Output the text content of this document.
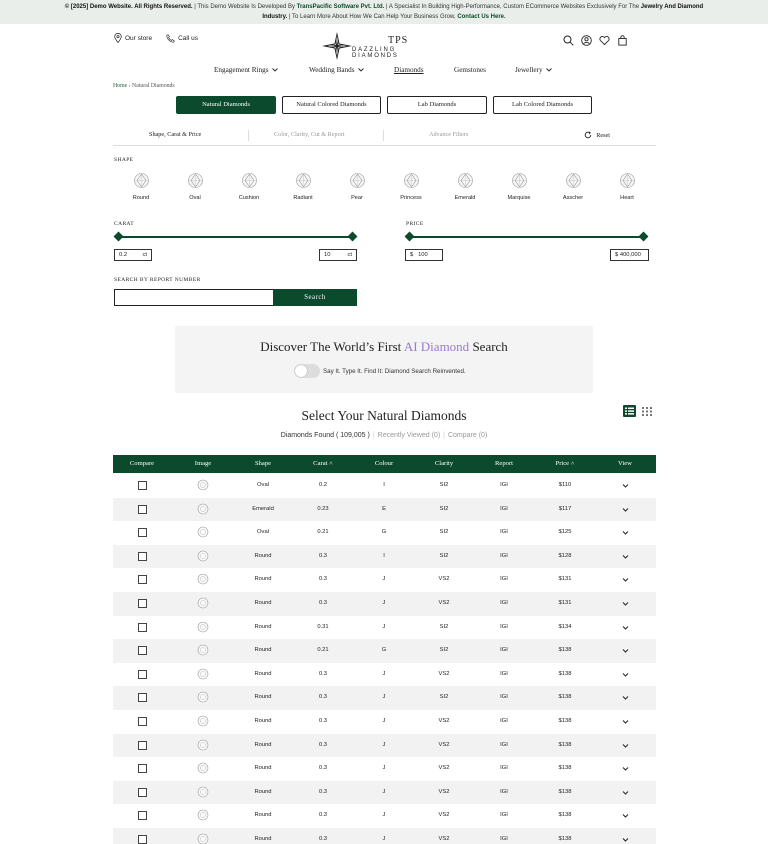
© [2025] Demo Website. All Rights Reserved. | This Demo Website Is Developed By TransPacific Software Pvt. Ltd. | A Specialist In Building High-Performance, Custom ECommerce Websites Exclusively For The Jewelry And Diamond
Industry. | To Learn More About How We Can Help Your Business Grow, Contact Us Here.
Our store	Call us	TPS
DAZZLING DIAMONDS
Engagement Rings	Wedding Bands	Diamonds	Gemstones	Jewellery
Home › Natural Diamonds
Natural Diamonds	Natural Colored Diamonds	Lab Diamonds	Lab Colored Diamonds
Shape, Carat & Price	Color, Clarity, Cut & Report	Advance Filters	Reset
SHAPE
Round	Oval	Cushion	Radiant	Pear	Princess	Emerald	Marquise	Asscher	Heart
CARAT
0.2	ct	10	ct
PRICE
$ 100	$ 400,000
SEARCH BY REPORT NUMBER
Search
Discover The World’s First AI Diamond Search
Say It. Type It. Find It: Diamond Search Reinvented.
Select Your Natural Diamonds
Diamonds Found ( 109,005 ) | Recently Viewed (0) | Compare (0)
Compare	Image	Shape	Carat ˄	Colour	Clarity	Report	Price ˄	View
Oval	0.2	I	SI2	IGI	$110
Emerald	0.23	E	SI2	IGI	$117
Oval	0.21	G	SI2	IGI	$125
Round	0.3	I	SI2	IGI	$128
Round	0.3	J	VS2	IGI	$131
Round	0.3	J	VS2	IGI	$131
Round	0.31	J	SI2	IGI	$134
Round	0.21	G	SI2	IGI	$138
Round	0.3	J	VS2	IGI	$138
Round	0.3	J	SI2	IGI	$138
Round	0.3	J	VS2	IGI	$138
Round	0.3	J	VS2	IGI	$138
Round	0.3	J	VS2	IGI	$138
Round	0.3	J	VS2	IGI	$138
Round	0.3	J	VS2	IGI	$138
Round	0.3	J	VS2	IGI	$138
